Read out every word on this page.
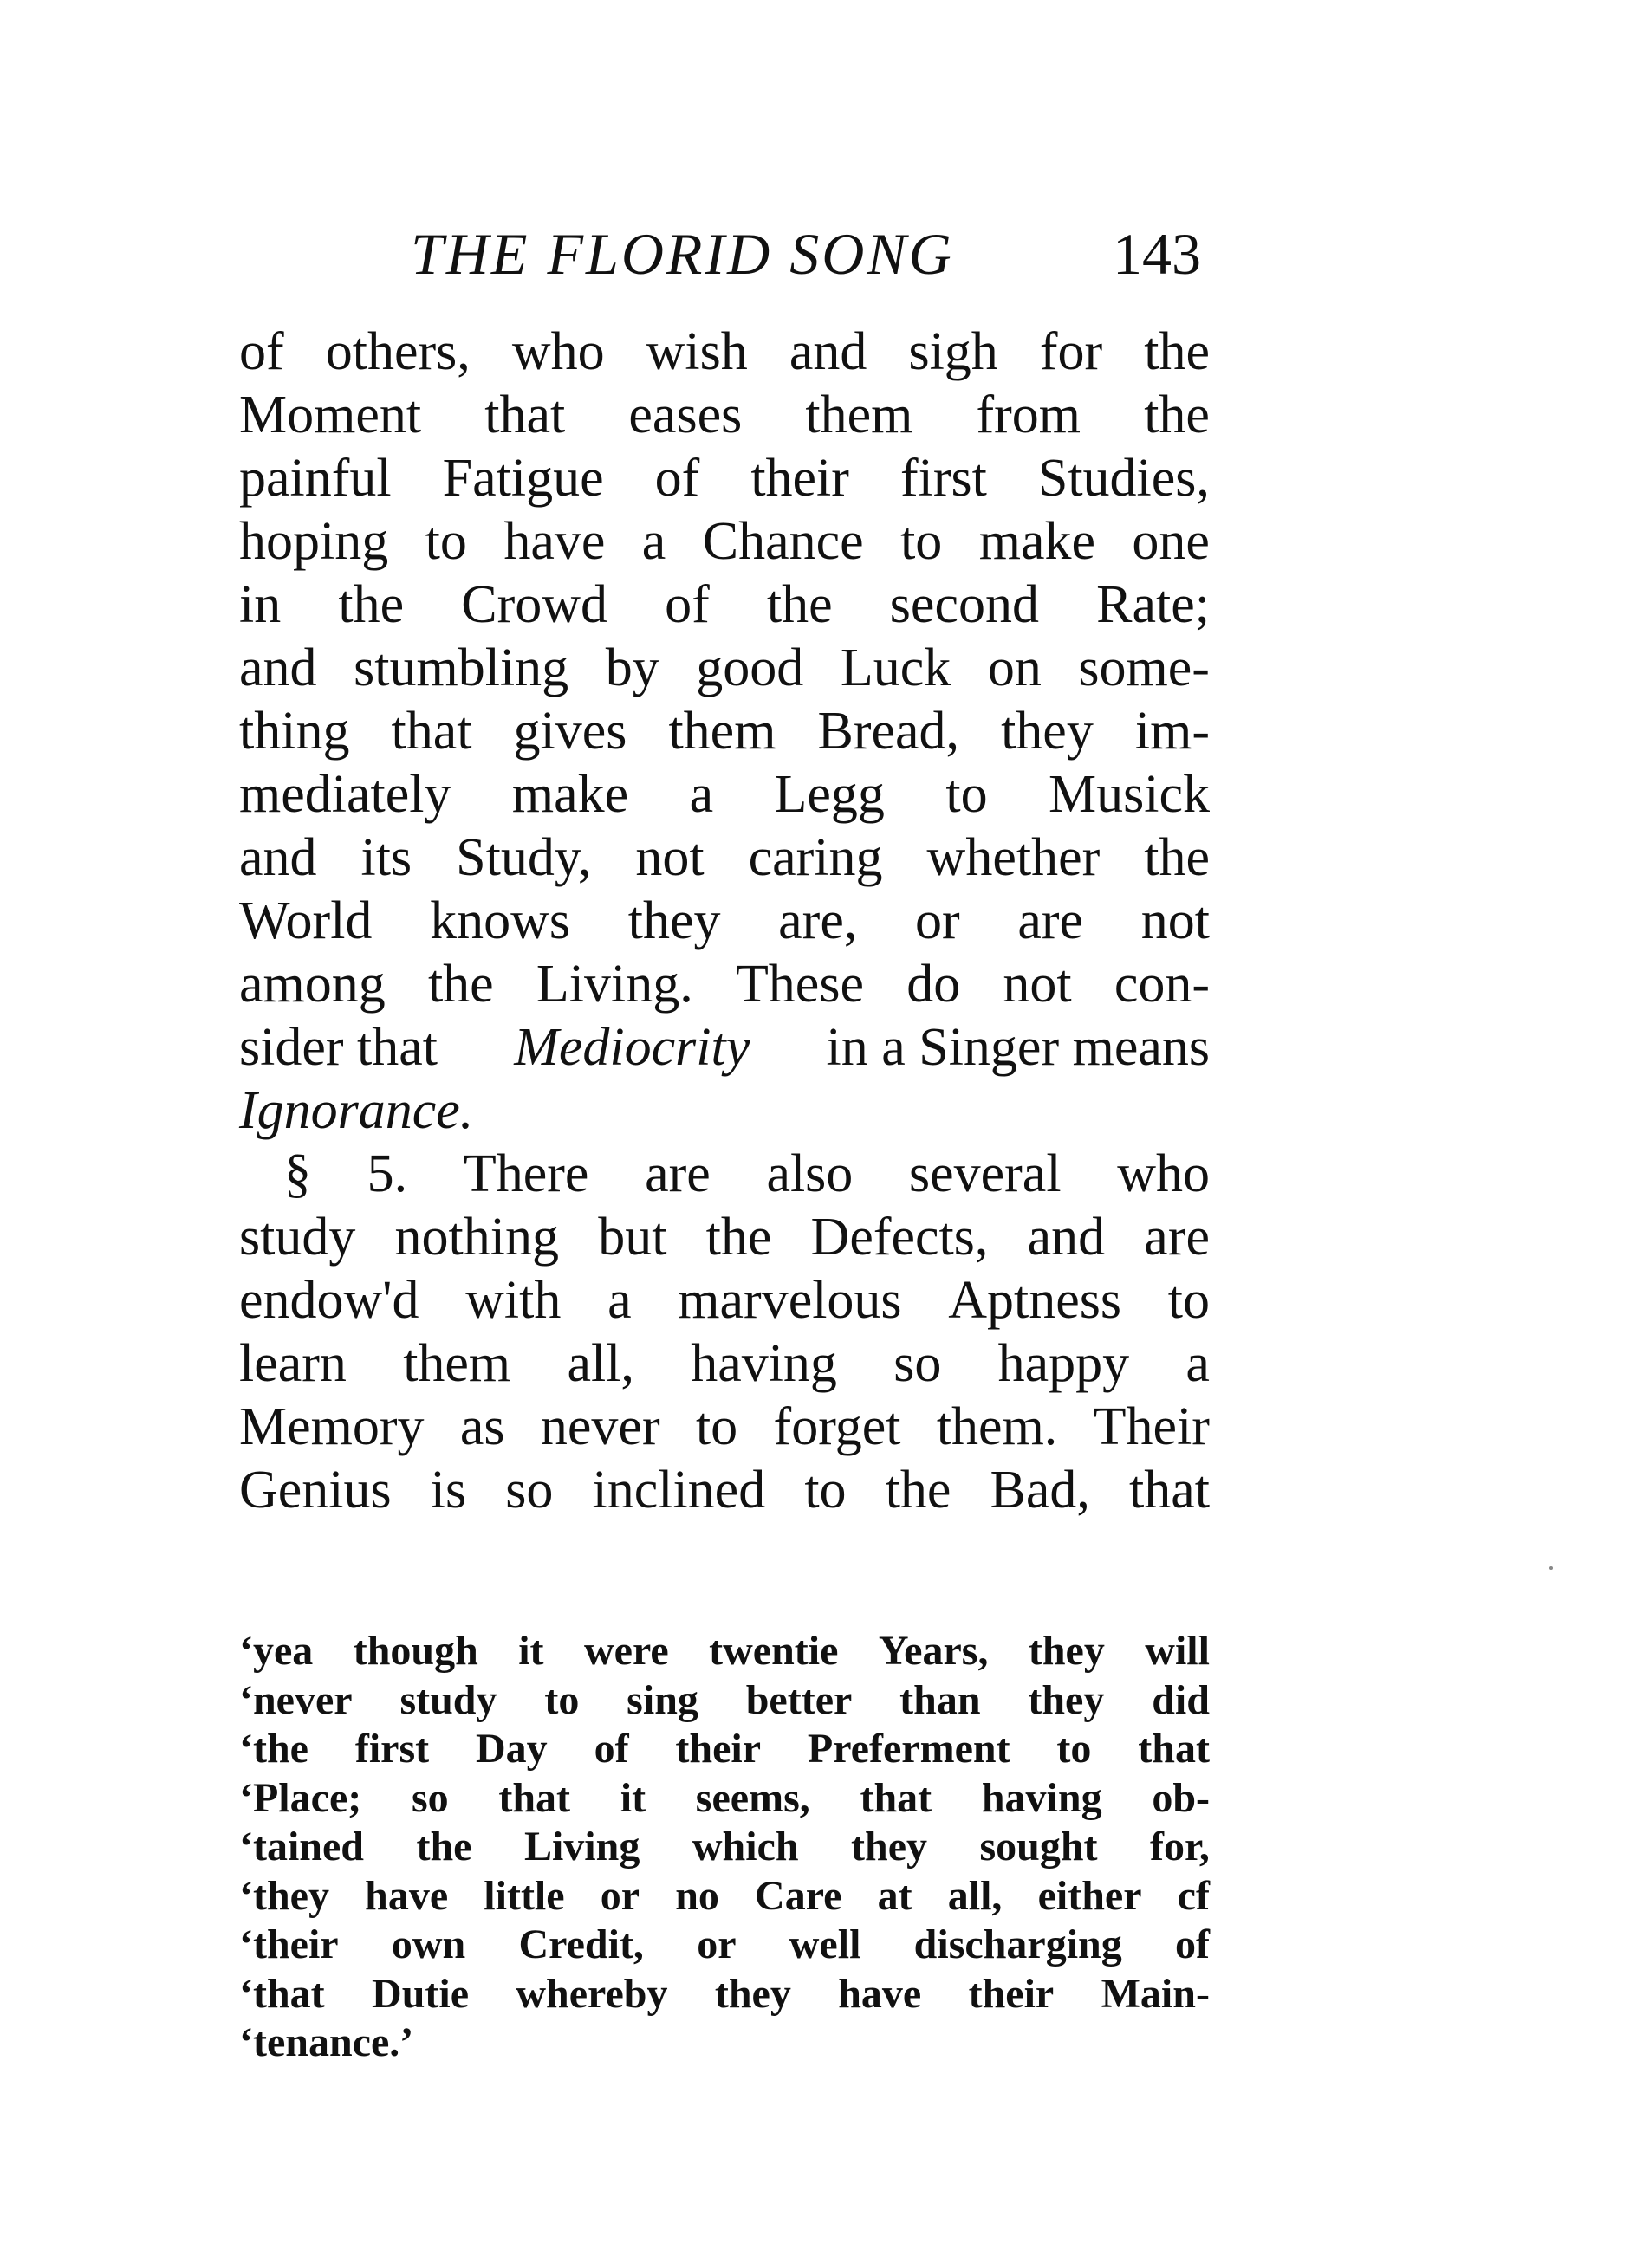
THE FLORID SONG	143
of others, who wish and sigh for the
Moment that eases them from the
painful Fatigue of their first Studies,
hoping to have a Chance to make one
in the Crowd of the second Rate;
and stumbling by good Luck on some-
thing that gives them Bread, they im-
mediately make a Legg to Musick
and its Study, not caring whether the
World knows they are, or are not
among the Living. These do not con-
sider that Mediocrity in a Singer means
Ignorance.
§ 5. There are also several who
study nothing but the Defects, and are
endow'd with a marvelous Aptness to
learn them all, having so happy a
Memory as never to forget them. Their
Genius is so inclined to the Bad, that
‘yea though it were twentie Years, they will
‘never study to sing better than they did
‘the first Day of their Preferment to that
‘Place; so that it seems, that having ob-
‘tained the Living which they sought for,
‘they have little or no Care at all, either cf
‘their own Credit, or well discharging of
‘that Dutie whereby they have their Main-
‘tenance.’
